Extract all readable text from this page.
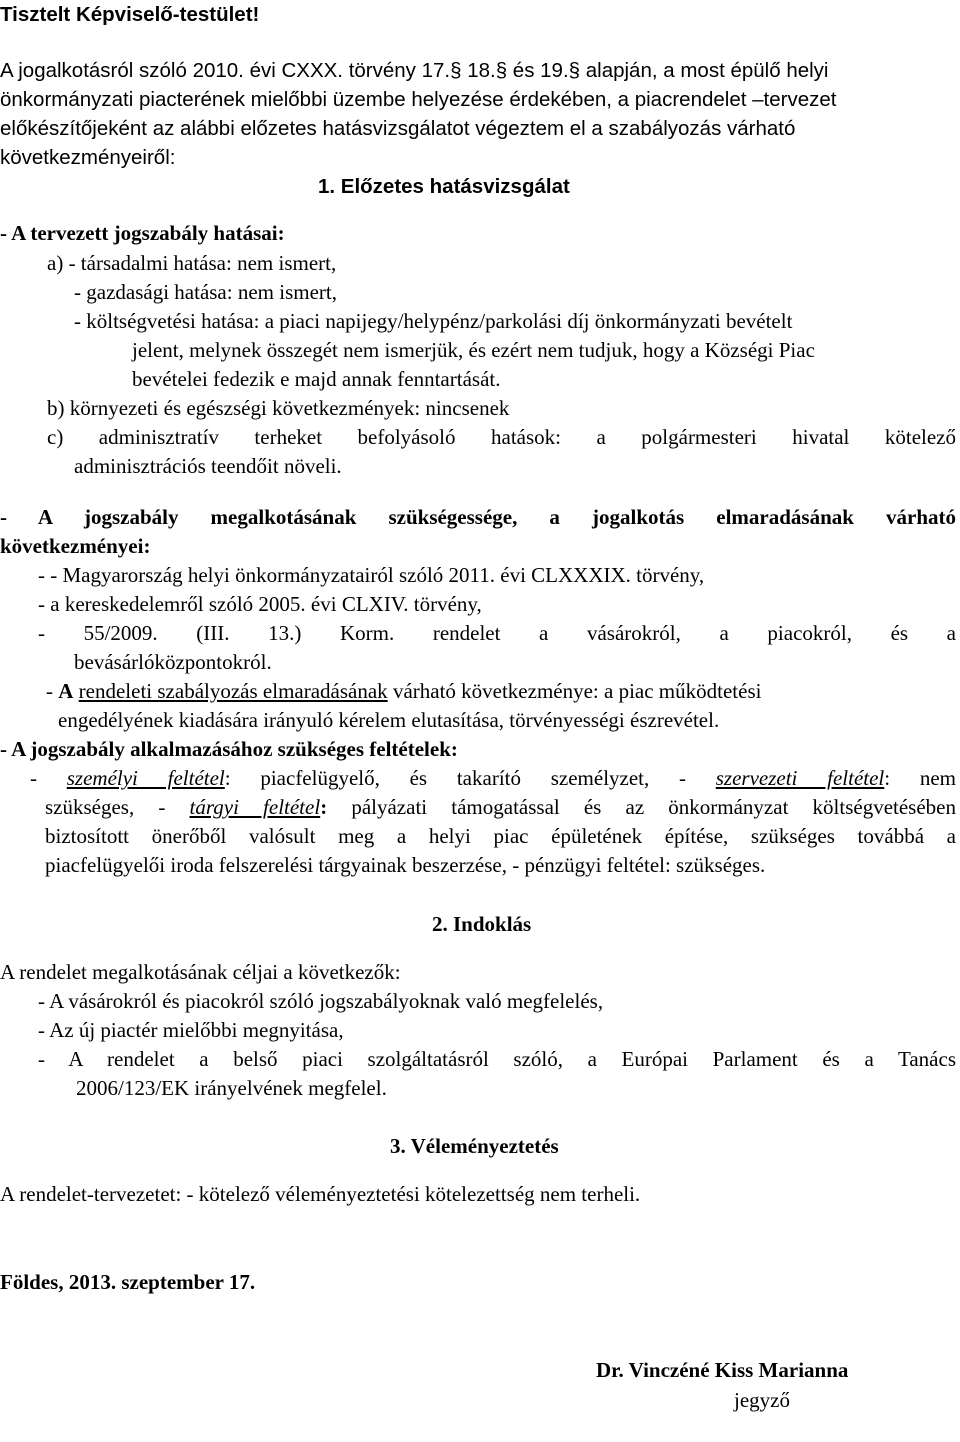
Tisztelt Képviselő-testület!
A jogalkotásról szóló 2010. évi CXXX. törvény 17.§ 18.§ és 19.§ alapján, a most épülő helyi
önkormányzati piacterének mielőbbi üzembe helyezése érdekében, a piacrendelet –tervezet
előkészítőjeként az alábbi előzetes hatásvizsgálatot végeztem el a szabályozás várható
következményeiről:
1. Előzetes hatásvizsgálat
- A tervezett jogszabály hatásai:
a) - társadalmi hatása: nem ismert,
- gazdasági hatása: nem ismert,
- költségvetési hatása: a piaci napijegy/helypénz/parkolási díj önkormányzati bevételt
jelent, melynek összegét nem ismerjük, és ezért nem tudjuk, hogy a Községi Piac
bevételei fedezik e majd annak fenntartását.
b) környezeti és egészségi következmények: nincsenek
c) adminisztratív terheket befolyásoló hatások: a polgármesteri hivatal kötelező
adminisztrációs teendőit növeli.
- A jogszabály megalkotásának szükségessége, a jogalkotás elmaradásának várható
következményei:
- - Magyarország helyi önkormányzatairól szóló 2011. évi CLXXXIX. törvény,
- a kereskedelemről szóló 2005. évi CLXIV. törvény,
- 55/2009. (III. 13.) Korm. rendelet a vásárokról, a piacokról, és a
bevásárlóközpontokról.
- A rendeleti szabályozás elmaradásának várható következménye: a piac működtetési
engedélyének kiadására irányuló kérelem elutasítása, törvényességi észrevétel.
- A jogszabály alkalmazásához szükséges feltételek:
- személyi feltétel: piacfelügyelő, és takarító személyzet, - szervezeti feltétel: nem
szükséges, - tárgyi feltétel: pályázati támogatással és az önkormányzat költségvetésében
biztosított önerőből valósult meg a helyi piac épületének építése, szükséges továbbá a
piacfelügyelői iroda felszerelési tárgyainak beszerzése, - pénzügyi feltétel: szükséges.
2. Indoklás
A rendelet megalkotásának céljai a következők:
- A vásárokról és piacokról szóló jogszabályoknak való megfelelés,
- Az új piactér mielőbbi megnyitása,
- A rendelet a belső piaci szolgáltatásról szóló, a Európai Parlament és a Tanács
2006/123/EK irányelvének megfelel.
3. Véleményeztetés
A rendelet-tervezetet: - kötelező véleményeztetési kötelezettség nem terheli.
Földes, 2013. szeptember 17.
Dr. Vinczéné Kiss Marianna
jegyző
